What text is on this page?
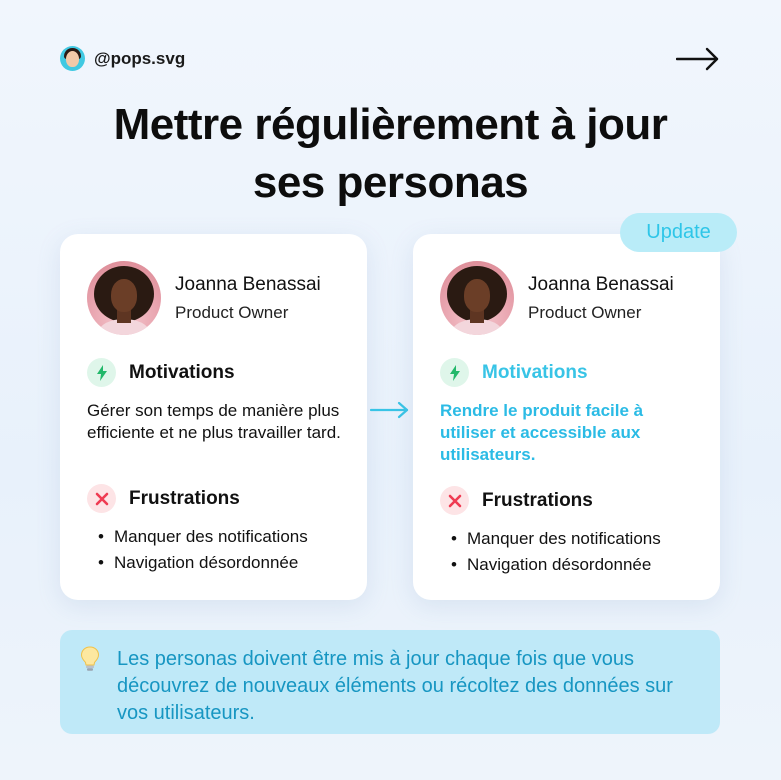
@pops.svg
Mettre régulièrement à jour
ses personas
Joanna Benassai
Product Owner
Motivations

Gérer son temps de manière plus efficiente et ne plus travailler tard.

Frustrations
• Manquer des notifications
• Navigation désordonnée
Joanna Benassai
Product Owner
Motivations

Rendre le produit facile à utiliser et accessible aux utilisateurs.

Frustrations
• Manquer des notifications
• Navigation désordonnée
Update

Les personas doivent être mis à jour chaque fois que vous découvrez de nouveaux éléments ou récoltez des données sur vos utilisateurs.
